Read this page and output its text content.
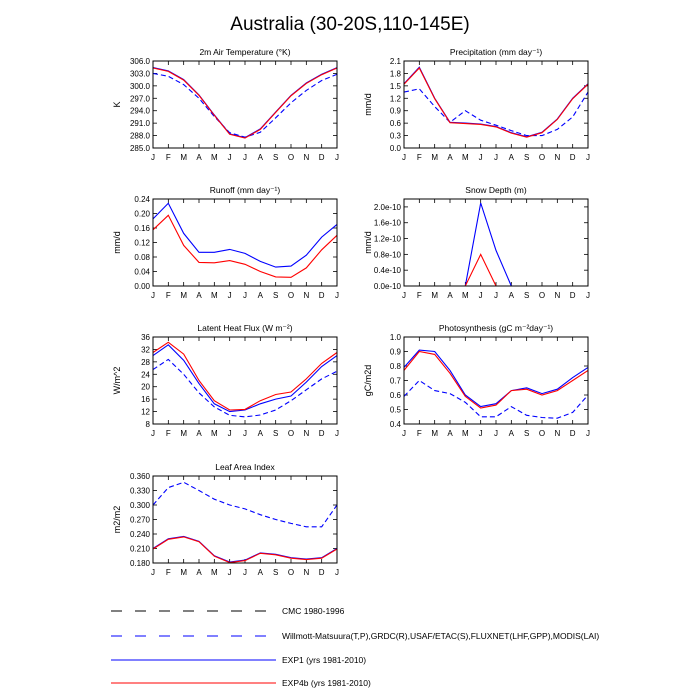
Australia (30-20S,110-145E)
2m Air Temperature (°K)
K
285.0
288.0
291.0
294.0
297.0
300.0
303.0
306.0
J F M A M J J A S O N D J
Precipitation (mm day⁻¹)
mm/d
0.0
0.3
0.6
0.9
1.2
1.5
1.8
2.1
J F M A M J J A S O N D J
Runoff (mm day⁻¹)
mm/d
0.00
0.04
0.08
0.12
0.16
0.20
0.24
J F M A M J J A S O N D J
Snow Depth (m)
mm/d
0.0e-10
0.4e-10
0.8e-10
1.2e-10
1.6e-10
2.0e-10
J F M A M J J A S O N D J
Latent Heat Flux (W m⁻²)
W/m^2
8
12
16
20
24
28
32
36
J F M A M J J A S O N D J
Photosynthesis (gC m⁻²day⁻¹)
gC/m2d
0.4
0.5
0.6
0.7
0.8
0.9
1.0
J F M A M J J A S O N D J
Leaf Area Index
m2/m2
0.180
0.210
0.240
0.270
0.300
0.330
0.360
J F M A M J J A S O N D J
CMC 1980-1996
Willmott-Matsuura(T,P),GRDC(R),USAF/ETAC(S),FLUXNET(LHF,GPP),MODIS(LAI)
EXP1 (yrs 1981-2010)
EXP4b (yrs 1981-2010)
